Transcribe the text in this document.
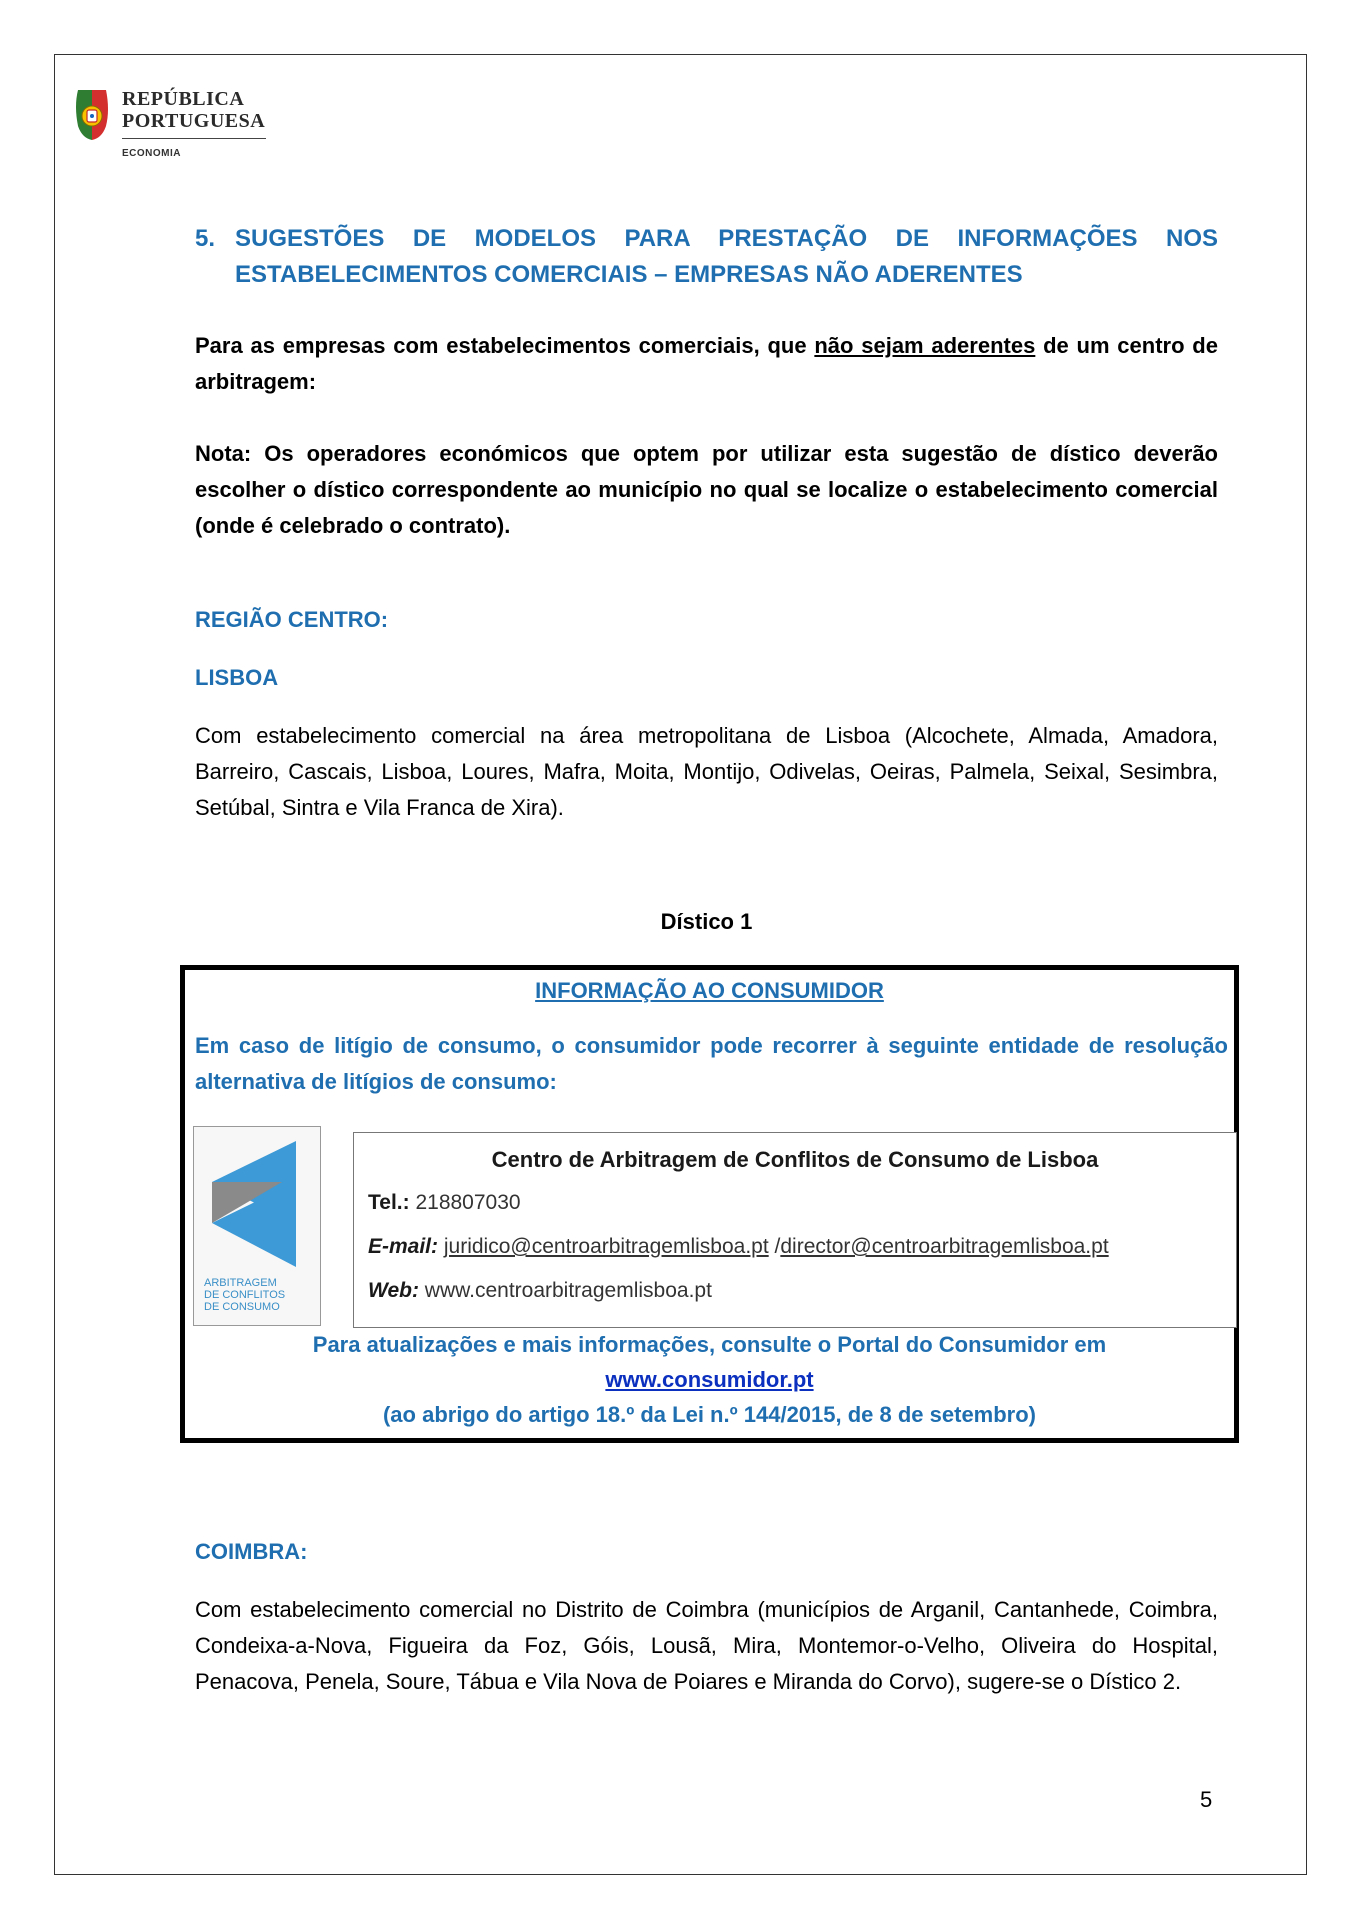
REPÚBLICA
PORTUGUESA
ECONOMIA
5. SUGESTÕES DE MODELOS PARA PRESTAÇÃO DE INFORMAÇÕES NOS
ESTABELECIMENTOS COMERCIAIS – EMPRESAS NÃO ADERENTES
Para as empresas com estabelecimentos comerciais, que não sejam aderentes de um centro de arbitragem:
Nota: Os operadores económicos que optem por utilizar esta sugestão de dístico deverão escolher o dístico correspondente ao município no qual se localize o estabelecimento comercial (onde é celebrado o contrato).
REGIÃO CENTRO:
LISBOA
Com estabelecimento comercial na área metropolitana de Lisboa (Alcochete, Almada, Amadora, Barreiro, Cascais, Lisboa, Loures, Mafra, Moita, Montijo, Odivelas, Oeiras, Palmela, Seixal, Sesimbra, Setúbal, Sintra e Vila Franca de Xira).
Dístico 1
INFORMAÇÃO AO CONSUMIDOR
Em caso de litígio de consumo, o consumidor pode recorrer à seguinte entidade de resolução alternativa de litígios de consumo:
ARBITRAGEM
DE CONFLITOS
DE CONSUMO
Centro de Arbitragem de Conflitos de Consumo de Lisboa
Tel.: 218807030
E-mail: juridico@centroarbitragemlisboa.pt /director@centroarbitragemlisboa.pt
Web: www.centroarbitragemlisboa.pt
Para atualizações e mais informações, consulte o Portal do Consumidor em
www.consumidor.pt
(ao abrigo do artigo 18.º da Lei n.º 144/2015, de 8 de setembro)
COIMBRA:
Com estabelecimento comercial no Distrito de Coimbra (municípios de Arganil, Cantanhede, Coimbra, Condeixa-a-Nova, Figueira da Foz, Góis, Lousã, Mira, Montemor-o-Velho, Oliveira do Hospital, Penacova, Penela, Soure, Tábua e Vila Nova de Poiares e Miranda do Corvo), sugere-se o Dístico 2.
5
